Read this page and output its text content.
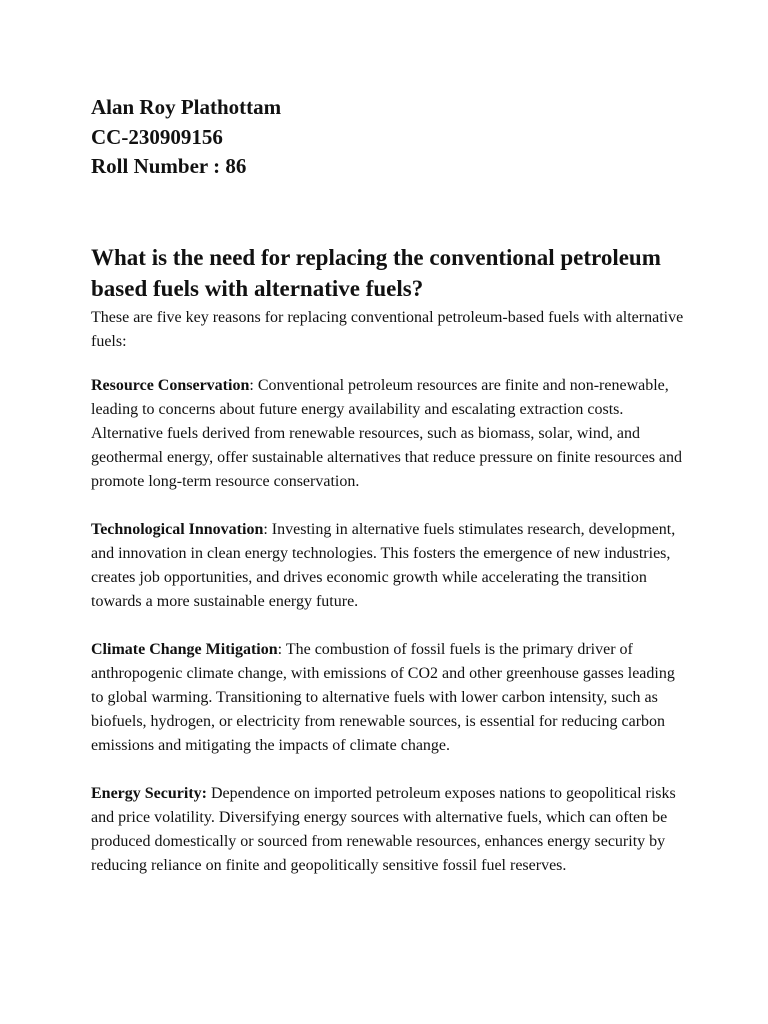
Alan Roy Plathottam
CC-230909156
Roll Number : 86
What is the need for replacing the conventional petroleum based fuels with alternative fuels?
These are five key reasons for replacing conventional petroleum-based fuels with alternative fuels:

Resource Conservation: Conventional petroleum resources are finite and non-renewable, leading to concerns about future energy availability and escalating extraction costs. Alternative fuels derived from renewable resources, such as biomass, solar, wind, and geothermal energy, offer sustainable alternatives that reduce pressure on finite resources and promote long-term resource conservation.

Technological Innovation: Investing in alternative fuels stimulates research, development, and innovation in clean energy technologies. This fosters the emergence of new industries, creates job opportunities, and drives economic growth while accelerating the transition towards a more sustainable energy future.

Climate Change Mitigation: The combustion of fossil fuels is the primary driver of anthropogenic climate change, with emissions of CO2 and other greenhouse gasses leading to global warming. Transitioning to alternative fuels with lower carbon intensity, such as biofuels, hydrogen, or electricity from renewable sources, is essential for reducing carbon emissions and mitigating the impacts of climate change.

Energy Security: Dependence on imported petroleum exposes nations to geopolitical risks and price volatility. Diversifying energy sources with alternative fuels, which can often be produced domestically or sourced from renewable resources, enhances energy security by reducing reliance on finite and geopolitically sensitive fossil fuel reserves.
